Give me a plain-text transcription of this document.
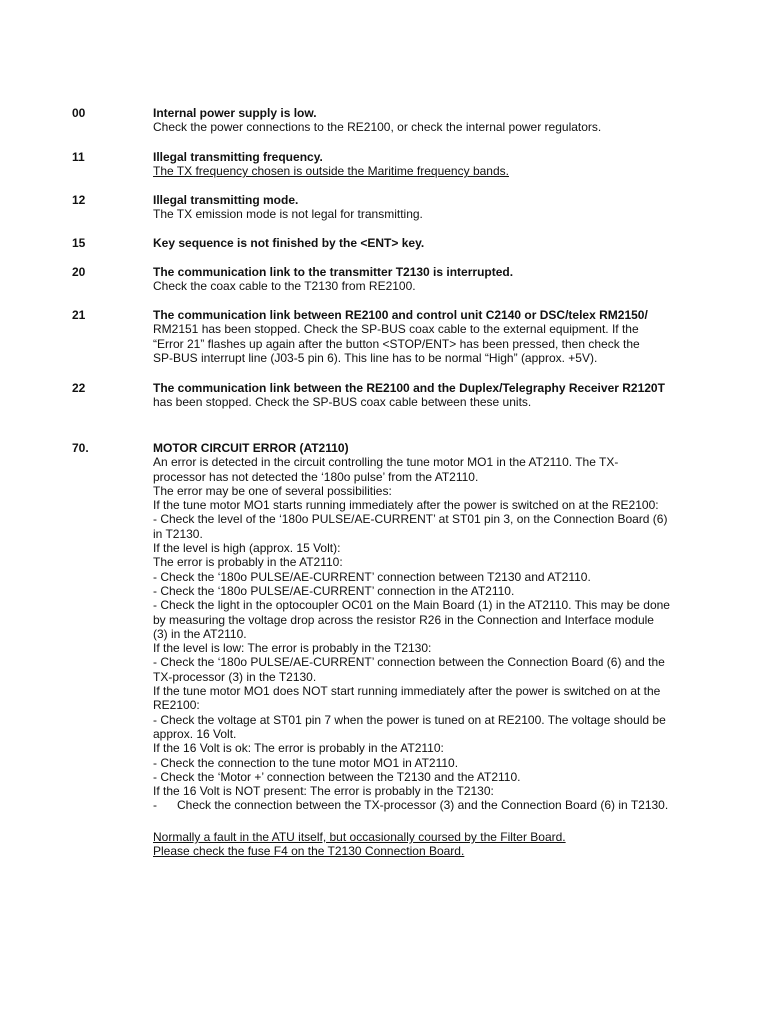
00	Internal power supply is low.
Check the power connections to the RE2100, or check the internal power regulators.
11	Illegal transmitting frequency.
The TX frequency chosen is outside the Maritime frequency bands.
12	Illegal transmitting mode.
The TX emission mode is not legal for transmitting.
15	Key sequence is not finished by the <ENT> key.
20	The communication link to the transmitter T2130 is interrupted.
Check the coax cable to the T2130 from RE2100.
21	The communication link between RE2100 and control unit C2140 or DSC/telex RM2150/
RM2151 has been stopped. Check the SP-BUS coax cable to the external equipment. If the
“Error 21” flashes up again after the button <STOP/ENT> has been pressed, then check the
SP-BUS interrupt line (J03-5 pin 6). This line has to be normal “High” (approx. +5V).
22	The communication link between the RE2100 and the Duplex/Telegraphy Receiver R2120T
has been stopped. Check the SP-BUS coax cable between these units.
70.	MOTOR CIRCUIT ERROR (AT2110)
An error is detected in the circuit controlling the tune motor MO1 in the AT2110. The TX-
processor has not detected the ‘180o pulse’ from the AT2110.
The error may be one of several possibilities:
If the tune motor MO1 starts running immediately after the power is switched on at the RE2100:
- Check the level of the ‘180o PULSE/AE-CURRENT’ at ST01 pin 3, on the Connection Board (6)
in T2130.
If the level is high (approx. 15 Volt):
The error is probably in the AT2110:
- Check the ‘180o PULSE/AE-CURRENT’ connection between T2130 and AT2110.
- Check the ‘180o PULSE/AE-CURRENT’ connection in the AT2110.
- Check the light in the optocoupler OC01 on the Main Board (1) in the AT2110. This may be done
by measuring the voltage drop across the resistor R26 in the Connection and Interface module
(3) in the AT2110.
If the level is low: The error is probably in the T2130:
- Check the ‘180o PULSE/AE-CURRENT’ connection between the Connection Board (6) and the
TX-processor (3) in the T2130.
If the tune motor MO1 does NOT start running immediately after the power is switched on at the
RE2100:
- Check the voltage at ST01 pin 7 when the power is tuned on at RE2100. The voltage should be
approx. 16 Volt.
If the 16 Volt is ok: The error is probably in the AT2110:
- Check the connection to the tune motor MO1 in AT2110.
- Check the ‘Motor +’ connection between the T2130 and the AT2110.
If the 16 Volt is NOT present: The error is probably in the T2130:
-      Check the connection between the TX-processor (3) and the Connection Board (6) in T2130.
Normally a fault in the ATU itself, but occasionally coursed by the Filter Board.
Please check the fuse F4 on the T2130 Connection Board.
